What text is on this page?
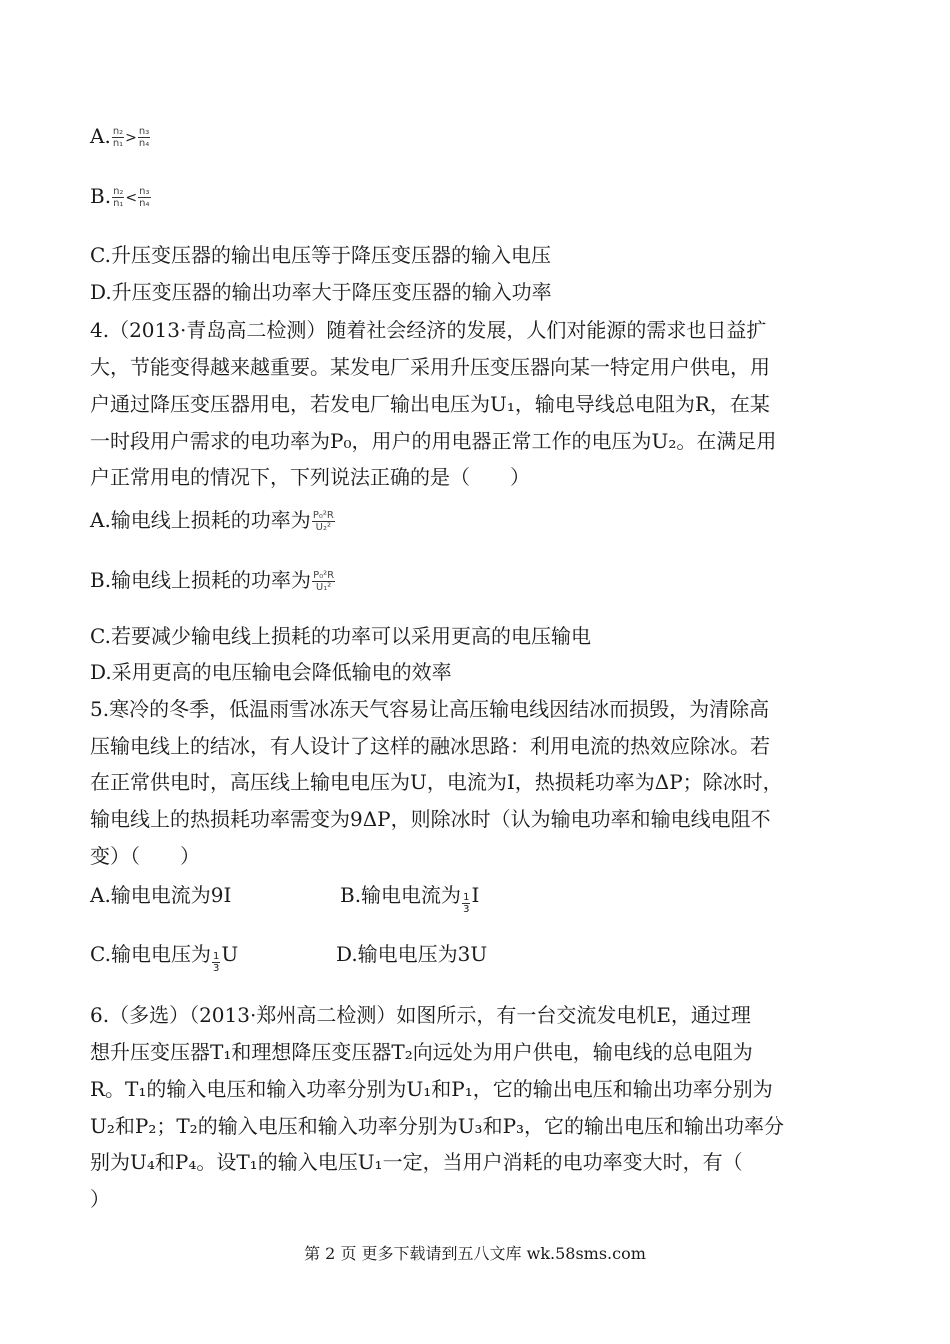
A. $\frac{\text{n₂}}{\text{n₁}} > \frac{\text{n₃}}{\text{n₄}}$
B. $\frac{\text{n₂}}{\text{n₁}} < \frac{\text{n₃}}{\text{n₄}}$
C.升压变压器的输出电压等于降压变压器的输入电压
D.升压变压器的输出功率大于降压变压器的输入功率
4.（2013·青岛高二检测）随着社会经济的发展，人们对能源的需求也日益扩
大，节能变得越来越重要。某发电厂采用升压变压器向某一特定用户供电，用
户通过降压变压器用电，若发电厂输出电压为U₁，输电导线总电阻为R，在某
一时段用户需求的电功率为P₀，用户的用电器正常工作的电压为U₂。在满足用
户正常用电的情况下，下列说法正确的是（　　）
A.输电线上损耗的功率为 $\frac{\text{P₀²R}}{\text{U₂²}}$
B.输电线上损耗的功率为 $\frac{\text{P₀²R}}{\text{U₁²}}$
C.若要减少输电线上损耗的功率可以采用更高的电压输电
D.采用更高的电压输电会降低输电的效率
5.寒冷的冬季，低温雨雪冰冻天气容易让高压输电线因结冰而损毁，为清除高
压输电线上的结冰，有人设计了这样的融冰思路：利用电流的热效应除冰。若
在正常供电时，高压线上输电电压为U，电流为I，热损耗功率为ΔP；除冰时，
输电线上的热损耗功率需变为9ΔP，则除冰时（认为输电功率和输电线电阻不
变）（　　）
A.输电电流为9I	B.输电电流为 $\frac{1}{3}$ I
C.输电电压为 $\frac{1}{3}$ U	D.输电电压为3U
6.（多选）（2013·郑州高二检测）如图所示，有一台交流发电机E，通过理
想升压变压器T₁和理想降压变压器T₂向远处为用户供电，输电线的总电阻为
R。T₁的输入电压和输入功率分别为U₁和P₁，它的输出电压和输出功率分别为
U₂和P₂；T₂的输入电压和输入功率分别为U₃和P₃，它的输出电压和输出功率分
别为U₄和P₄。设T₁的输入电压U₁一定，当用户消耗的电功率变大时，有（
）
第 2 页 更多下载请到五八文库 wk.58sms.com
